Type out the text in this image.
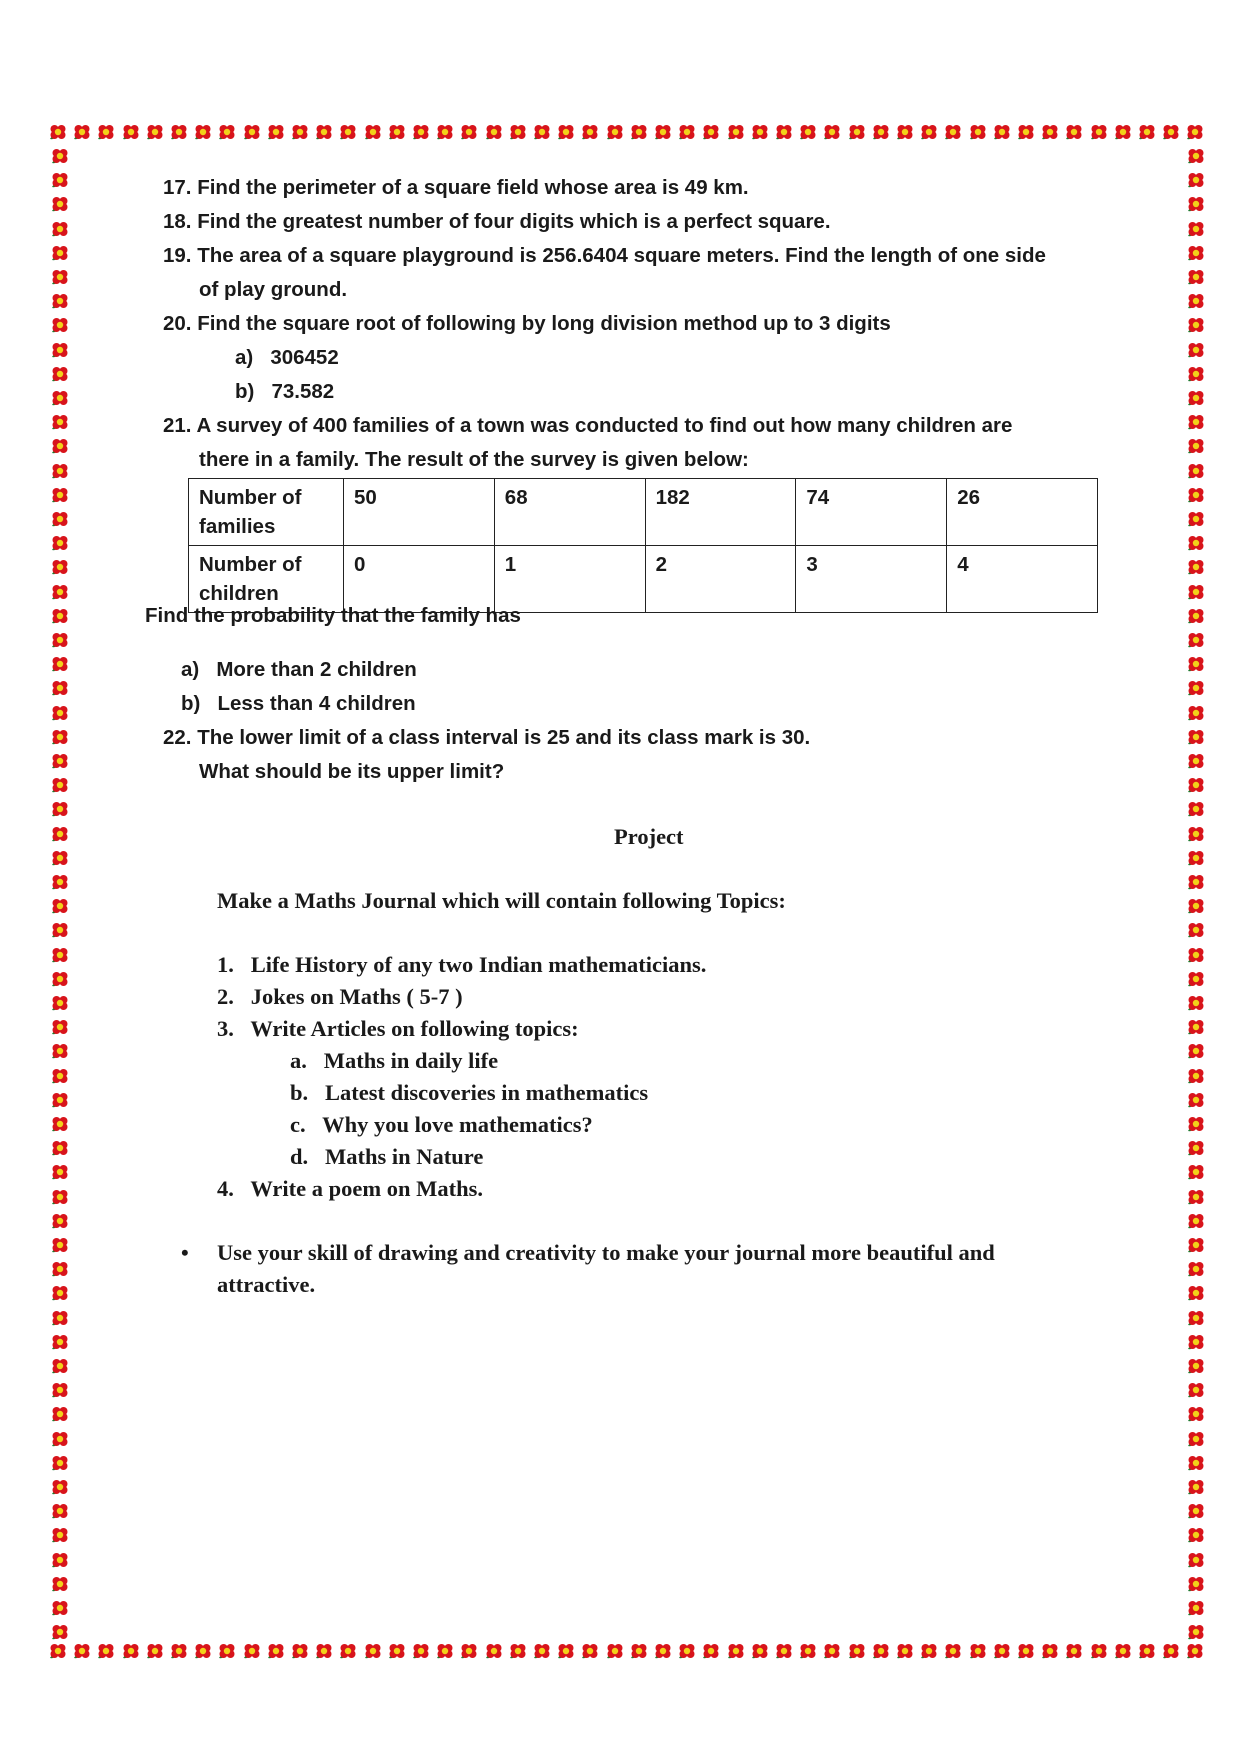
17. Find the perimeter of a square field whose area is 49 km.
18. Find the greatest number of four digits which is a perfect square.
19. The area of a square playground is 256.6404 square meters. Find the length of one side
of play ground.
20. Find the square root of following by long division method up to 3 digits
a) 306452
b) 73.582
21. A survey of 400 families of a town was conducted to find out how many children are
there in a family. The result of the survey is given below:
Number of
families	50	68	182	74	26

Number of
children	0	1	2	3	4
Find the probability that the family has
a) More than 2 children
b) Less than 4 children
22. The lower limit of a class interval is 25 and its class mark is 30.
What should be its upper limit?
Project
Make a Maths Journal which will contain following Topics:
1. Life History of any two Indian mathematicians.
2. Jokes on Maths ( 5-7 )
3. Write Articles on following topics:
a. Maths in daily life
b. Latest discoveries in mathematics
c. Why you love mathematics?
d. Maths in Nature
4. Write a poem on Maths.
• Use your skill of drawing and creativity to make your journal more beautiful and
attractive.
